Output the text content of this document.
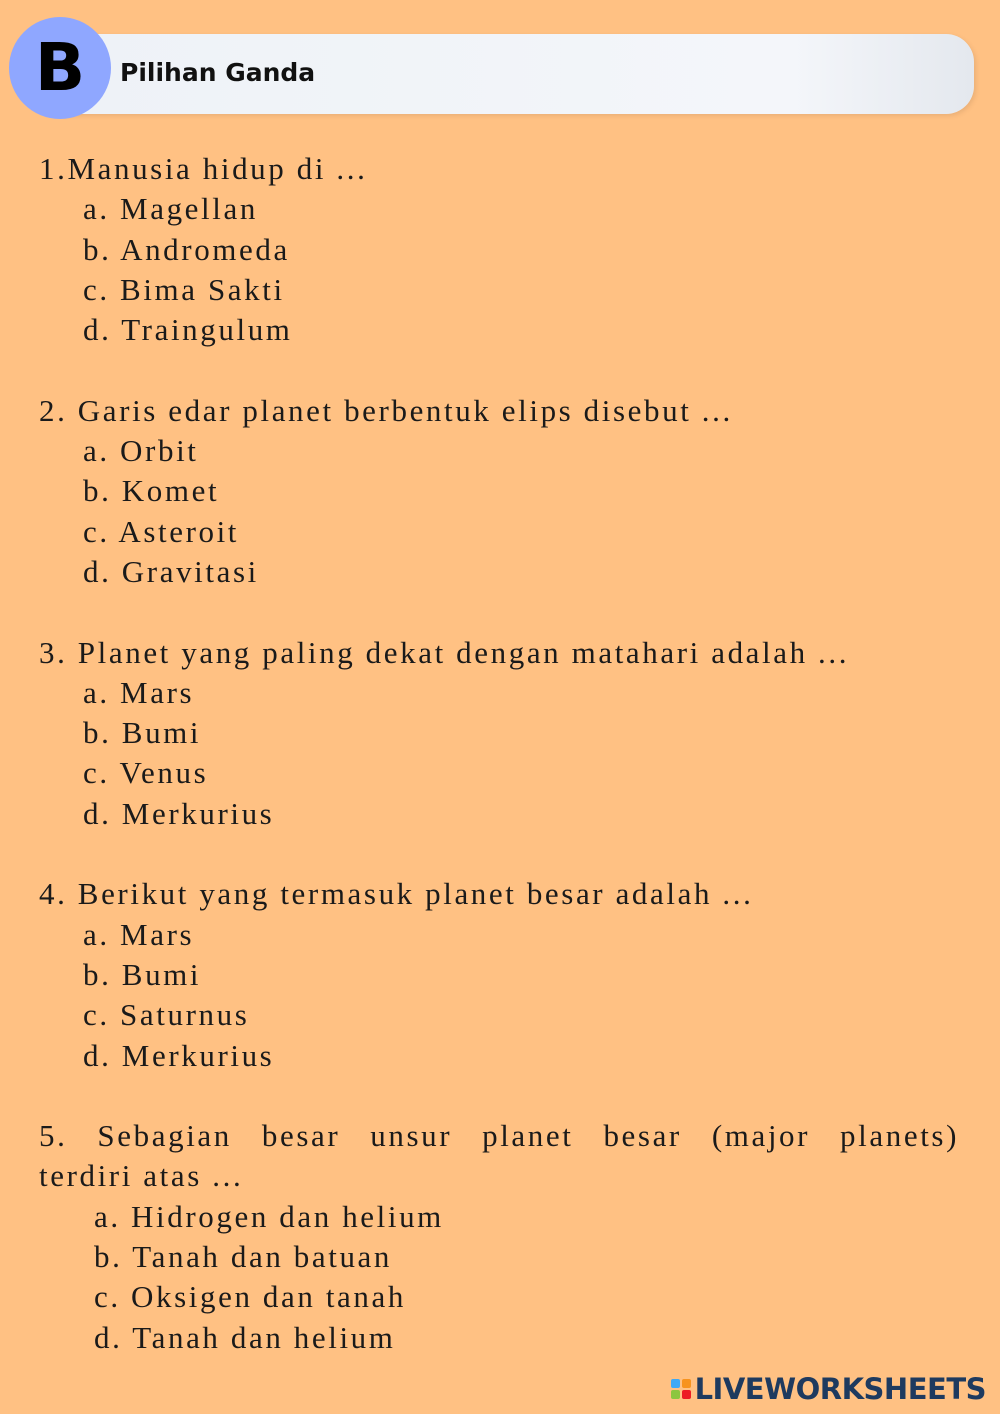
Pilihan Ganda
B
1.Manusia hidup di ...
a. Magellan
b. Andromeda
c. Bima Sakti
d. Traingulum
2. Garis edar planet berbentuk elips disebut ...
a. Orbit
b. Komet
c. Asteroit
d. Gravitasi
3. Planet yang paling dekat dengan matahari adalah ...
a. Mars
b. Bumi
c. Venus
d. Merkurius
4. Berikut yang termasuk planet besar adalah ...
a. Mars
b. Bumi
c. Saturnus
d. Merkurius
5. Sebagian besar unsur planet besar (major planets)
terdiri atas ...
a. Hidrogen dan helium
b. Tanah dan batuan
c. Oksigen dan tanah
d. Tanah dan helium
LIVEWORKSHEETS
